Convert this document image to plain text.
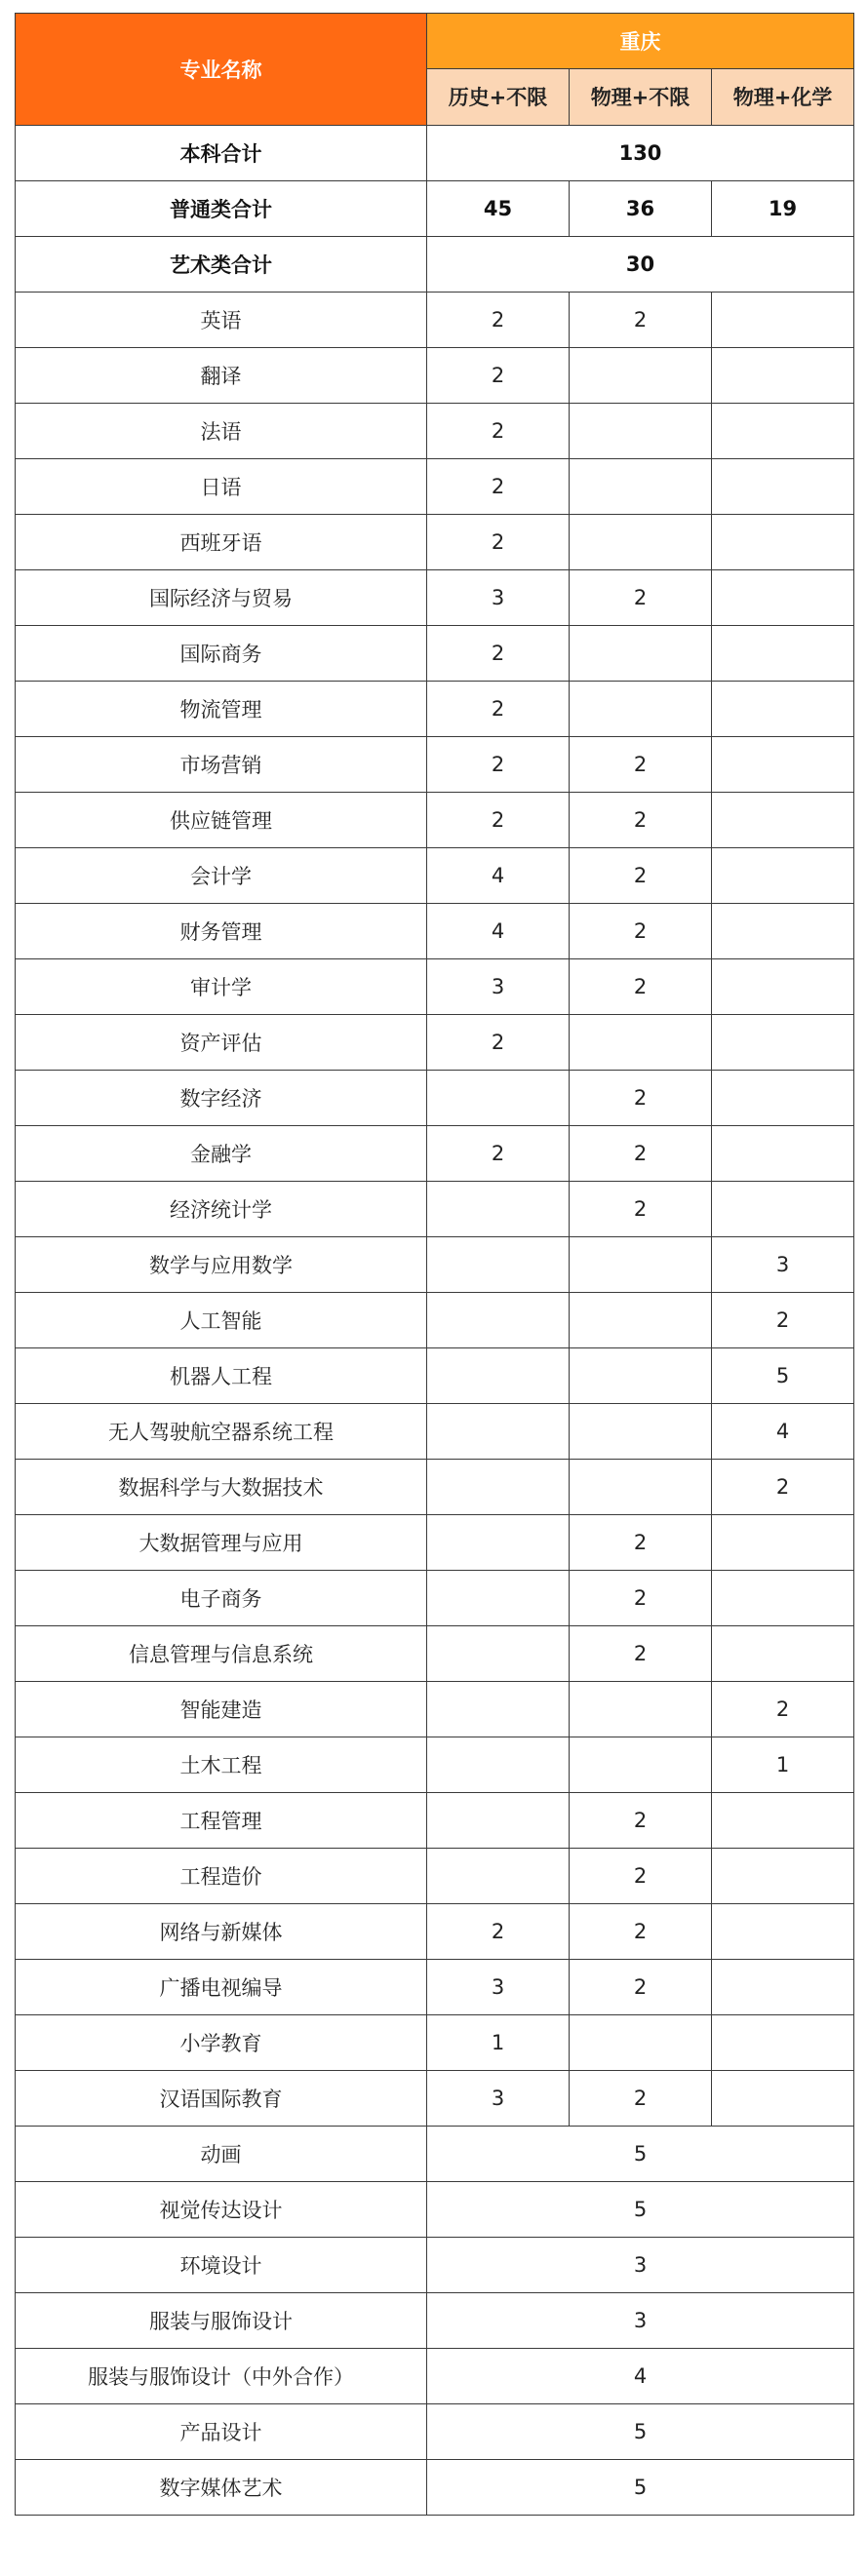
专业名称	重庆		
	历史+不限	物理+不限	物理+化学
本科合计	130		
普通类合计	45	36	19
艺术类合计	30		
英语	2	2	
翻译	2		
法语	2		
日语	2		
西班牙语	2		
国际经济与贸易	3	2	
国际商务	2		
物流管理	2		
市场营销	2	2	
供应链管理	2	2	
会计学	4	2	
财务管理	4	2	
审计学	3	2	
资产评估	2		
数字经济		2	
金融学	2	2	
经济统计学		2	
数学与应用数学			3
人工智能			2
机器人工程			5
无人驾驶航空器系统工程			4
数据科学与大数据技术			2
大数据管理与应用		2	
电子商务		2	
信息管理与信息系统		2	
智能建造			2
土木工程			1
工程管理		2	
工程造价		2	
网络与新媒体	2	2	
广播电视编导	3	2	
小学教育	1		
汉语国际教育	3	2	
动画	5		
视觉传达设计	5		
环境设计	3		
服装与服饰设计	3		
服装与服饰设计（中外合作）	4		
产品设计	5		
数字媒体艺术	5		
